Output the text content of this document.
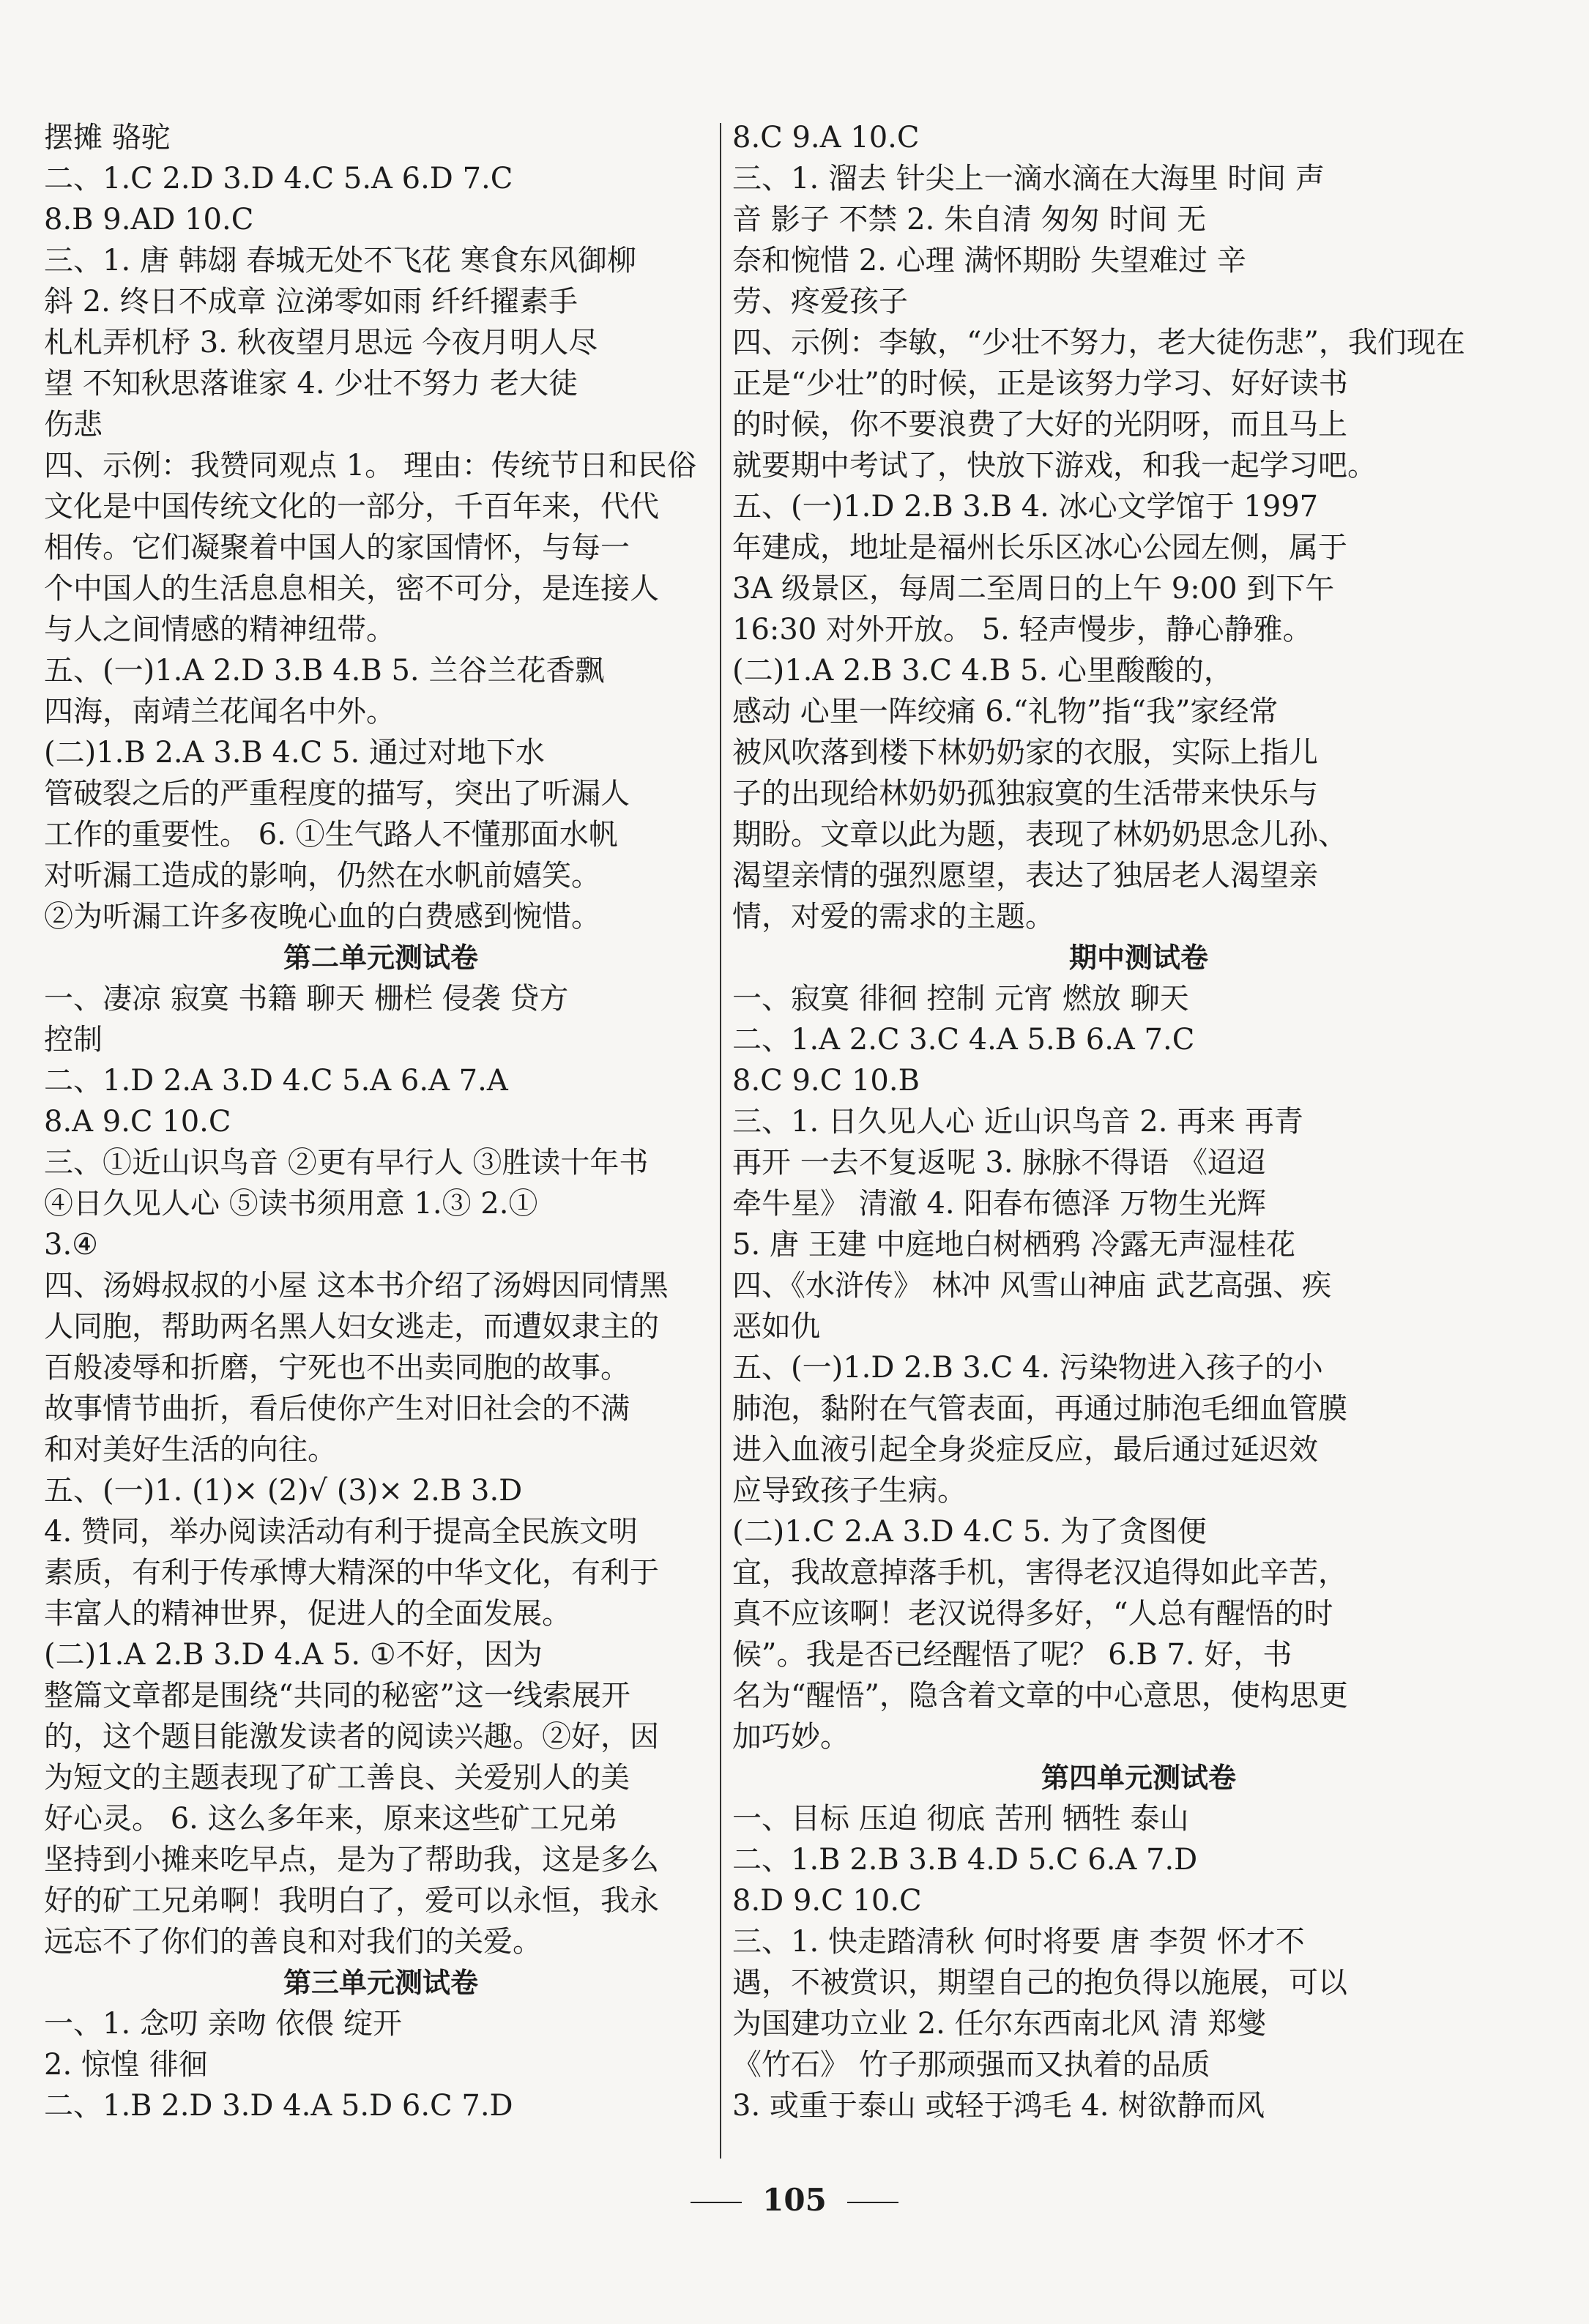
摆摊 骆驼
二、1.C 2.D 3.D 4.C 5.A 6.D 7.C
8.B 9.AD 10.C
三、1. 唐 韩翃 春城无处不飞花 寒食东风御柳
斜 2. 终日不成章 泣涕零如雨 纤纤擢素手
札札弄机杼 3. 秋夜望月思远 今夜月明人尽
望 不知秋思落谁家 4. 少壮不努力 老大徒
伤悲
四、示例：我赞同观点 1。 理由：传统节日和民俗
文化是中国传统文化的一部分，千百年来，代代
相传。它们凝聚着中国人的家国情怀，与每一
个中国人的生活息息相关，密不可分，是连接人
与人之间情感的精神纽带。
五、(一)1.A 2.D 3.B 4.B 5. 兰谷兰花香飘
四海，南靖兰花闻名中外。
(二)1.B 2.A 3.B 4.C 5. 通过对地下水
管破裂之后的严重程度的描写，突出了听漏人
工作的重要性。 6. ①生气路人不懂那面水帆
对听漏工造成的影响，仍然在水帆前嬉笑。
②为听漏工许多夜晚心血的白费感到惋惜。
第二单元测试卷
一、凄凉 寂寞 书籍 聊天 栅栏 侵袭 贷方
控制
二、1.D 2.A 3.D 4.C 5.A 6.A 7.A
8.A 9.C 10.C
三、①近山识鸟音 ②更有早行人 ③胜读十年书
④日久见人心 ⑤读书须用意 1.③ 2.①
3.④
四、汤姆叔叔的小屋 这本书介绍了汤姆因同情黑
人同胞，帮助两名黑人妇女逃走，而遭奴隶主的
百般凌辱和折磨，宁死也不出卖同胞的故事。
故事情节曲折，看后使你产生对旧社会的不满
和对美好生活的向往。
五、(一)1. (1)× (2)√ (3)× 2.B 3.D
4. 赞同，举办阅读活动有利于提高全民族文明
素质，有利于传承博大精深的中华文化，有利于
丰富人的精神世界，促进人的全面发展。
(二)1.A 2.B 3.D 4.A 5. ①不好，因为
整篇文章都是围绕“共同的秘密”这一线索展开
的，这个题目能激发读者的阅读兴趣。②好，因
为短文的主题表现了矿工善良、关爱别人的美
好心灵。 6. 这么多年来，原来这些矿工兄弟
坚持到小摊来吃早点，是为了帮助我，这是多么
好的矿工兄弟啊！我明白了，爱可以永恒，我永
远忘不了你们的善良和对我们的关爱。
第三单元测试卷
一、1. 念叨 亲吻 依偎 绽开
2. 惊惶 徘徊
二、1.B 2.D 3.D 4.A 5.D 6.C 7.D
8.C 9.A 10.C
三、1. 溜去 针尖上一滴水滴在大海里 时间 声
音 影子 不禁 2. 朱自清 匆匆 时间 无
奈和惋惜 2. 心理 满怀期盼 失望难过 辛
劳、疼爱孩子
四、示例：李敏，“少壮不努力，老大徒伤悲”，我们现在
正是“少壮”的时候，正是该努力学习、好好读书
的时候，你不要浪费了大好的光阴呀，而且马上
就要期中考试了，快放下游戏，和我一起学习吧。
五、(一)1.D 2.B 3.B 4. 冰心文学馆于 1997
年建成，地址是福州长乐区冰心公园左侧，属于
3A 级景区，每周二至周日的上午 9:00 到下午
16:30 对外开放。 5. 轻声慢步，静心静雅。
(二)1.A 2.B 3.C 4.B 5. 心里酸酸的，
感动 心里一阵绞痛 6.“礼物”指“我”家经常
被风吹落到楼下林奶奶家的衣服，实际上指儿
子的出现给林奶奶孤独寂寞的生活带来快乐与
期盼。文章以此为题，表现了林奶奶思念儿孙、
渴望亲情的强烈愿望，表达了独居老人渴望亲
情，对爱的需求的主题。
期中测试卷
一、寂寞 徘徊 控制 元宵 燃放 聊天
二、1.A 2.C 3.C 4.A 5.B 6.A 7.C
8.C 9.C 10.B
三、1. 日久见人心 近山识鸟音 2. 再来 再青
再开 一去不复返呢 3. 脉脉不得语 《迢迢
牵牛星》 清澈 4. 阳春布德泽 万物生光辉
5. 唐 王建 中庭地白树栖鸦 冷露无声湿桂花
四、《水浒传》 林冲 风雪山神庙 武艺高强、疾
恶如仇
五、(一)1.D 2.B 3.C 4. 污染物进入孩子的小
肺泡，黏附在气管表面，再通过肺泡毛细血管膜
进入血液引起全身炎症反应，最后通过延迟效
应导致孩子生病。
(二)1.C 2.A 3.D 4.C 5. 为了贪图便
宜，我故意掉落手机，害得老汉追得如此辛苦，
真不应该啊！老汉说得多好，“人总有醒悟的时
候”。我是否已经醒悟了呢？ 6.B 7. 好，书
名为“醒悟”，隐含着文章的中心意思，使构思更
加巧妙。
第四单元测试卷
一、目标 压迫 彻底 苦刑 牺牲 泰山
二、1.B 2.B 3.B 4.D 5.C 6.A 7.D
8.D 9.C 10.C
三、1. 快走踏清秋 何时将要 唐 李贺 怀才不
遇，不被赏识，期望自己的抱负得以施展，可以
为国建功立业 2. 任尔东西南北风 清 郑燮
《竹石》 竹子那顽强而又执着的品质
3. 或重于泰山 或轻于鸿毛 4. 树欲静而风
105
